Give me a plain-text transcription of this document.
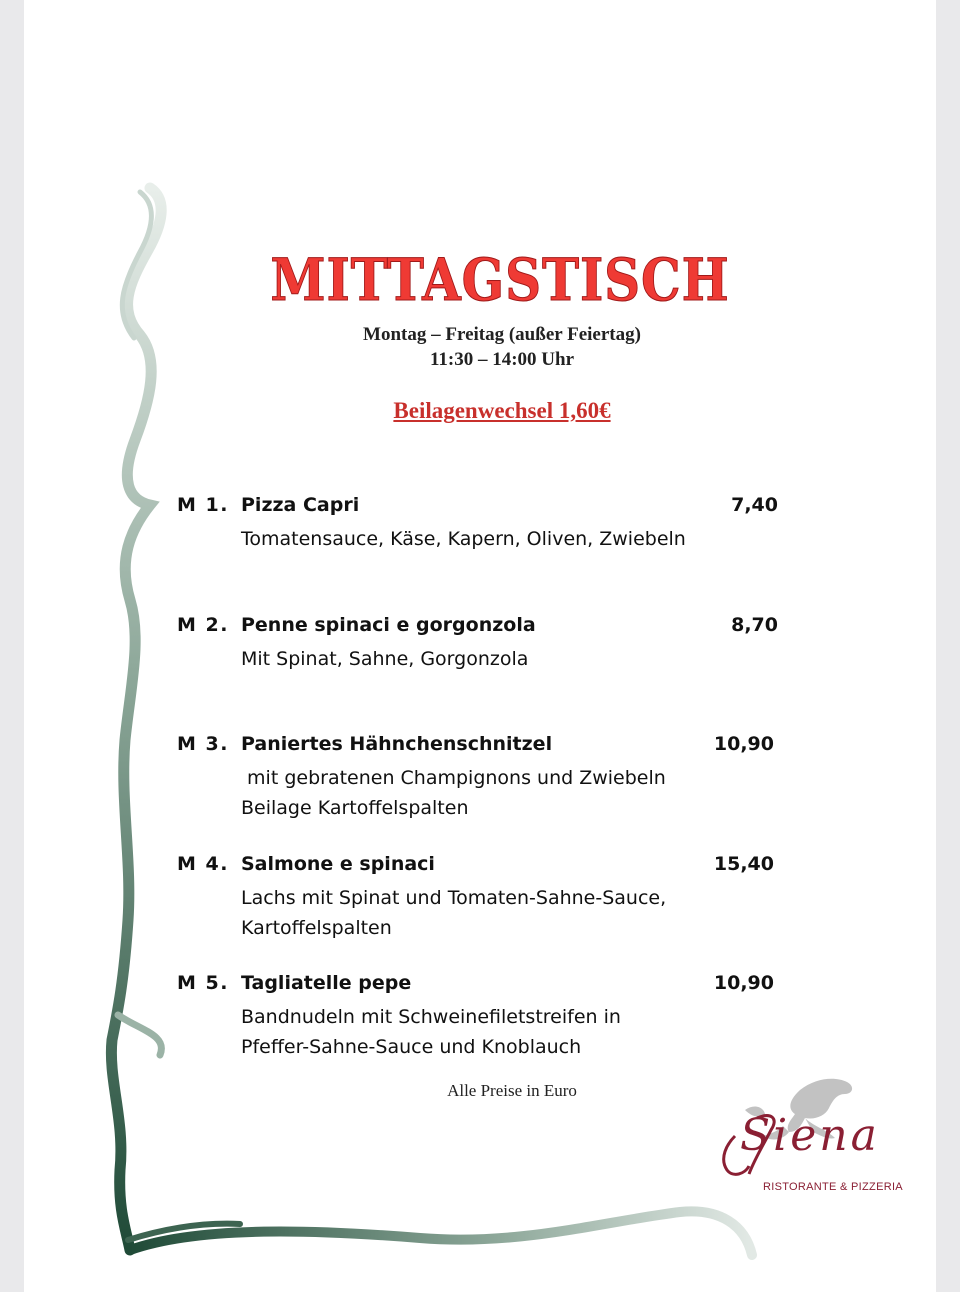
MITTAGSTISCH
Montag – Freitag (außer Feiertag)
11:30 – 14:00 Uhr
Beilagenwechsel 1,60€
M 1. Pizza Capri	7,40
Tomatensauce, Käse, Kapern, Oliven, Zwiebeln
M 2. Penne spinaci e gorgonzola	8,70
Mit Spinat, Sahne, Gorgonzola
M 3. Paniertes Hähnchenschnitzel	10,90
mit gebratenen Champignons und Zwiebeln
Beilage Kartoffelspalten
M 4. Salmone e spinaci	15,40
Lachs mit Spinat und Tomaten-Sahne-Sauce,
Kartoffelspalten
M 5. Tagliatelle pepe	10,90
Bandnudeln mit Schweinefiletstreifen in
Pfeffer-Sahne-Sauce und Knoblauch
Alle Preise in Euro
Siena
RISTORANTE & PIZZERIA
